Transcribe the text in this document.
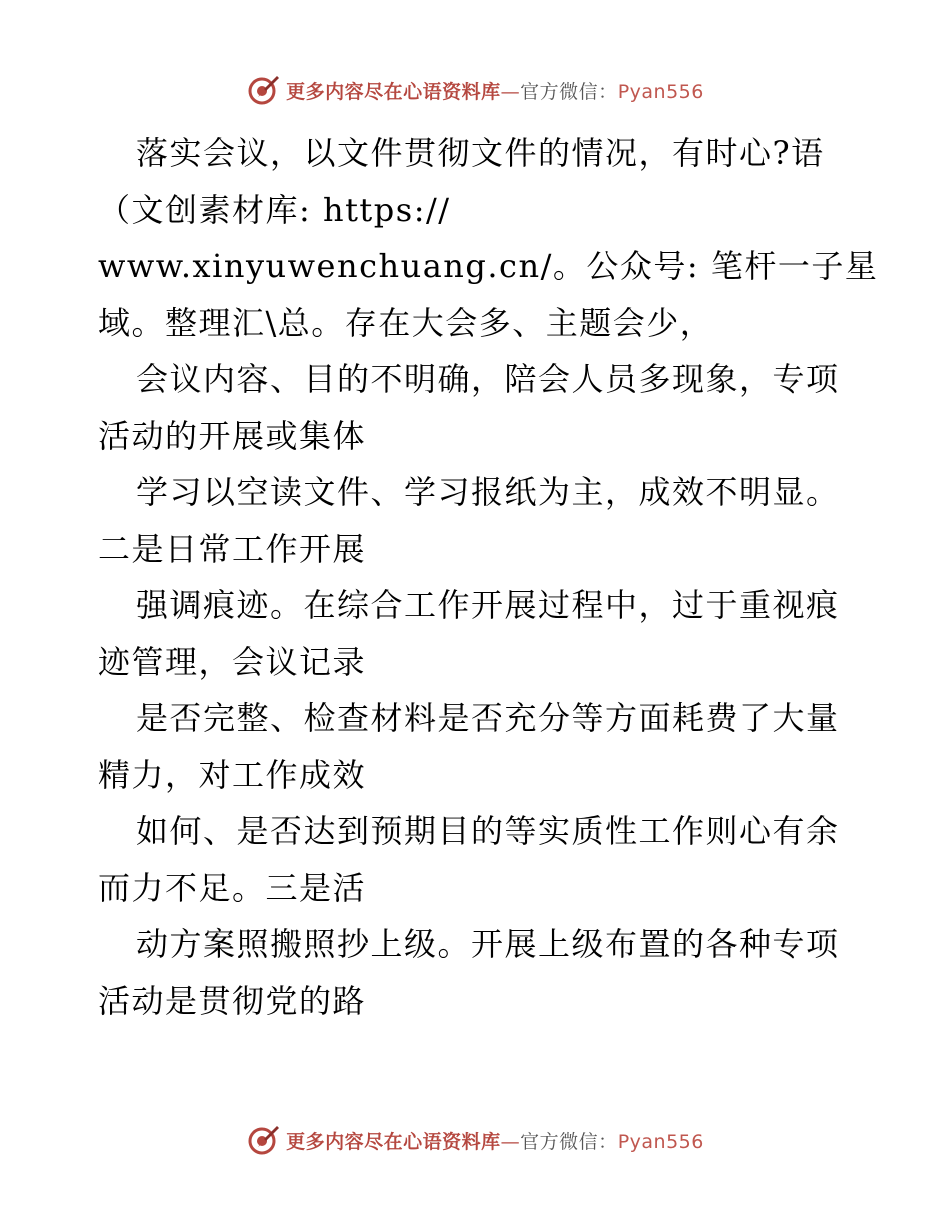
更多内容尽在心语资料库—官方微信：Pyan556
落实会议，以文件贯彻文件的情况，有时心?语
（文创素材库: https://
www.xinyuwenchuang.cn/。公众号: 笔杆一子星
域。整理汇\总。存在大会多、主题会少，
会议内容、目的不明确，陪会人员多现象，专项
活动的开展或集体
学习以空读文件、学习报纸为主，成效不明显。
二是日常工作开展
强调痕迹。在综合工作开展过程中，过于重视痕
迹管理，会议记录
是否完整、检查材料是否充分等方面耗费了大量
精力，对工作成效
如何、是否达到预期目的等实质性工作则心有余
而力不足。三是活
动方案照搬照抄上级。开展上级布置的各种专项
活动是贯彻党的路
更多内容尽在心语资料库—官方微信：Pyan556
